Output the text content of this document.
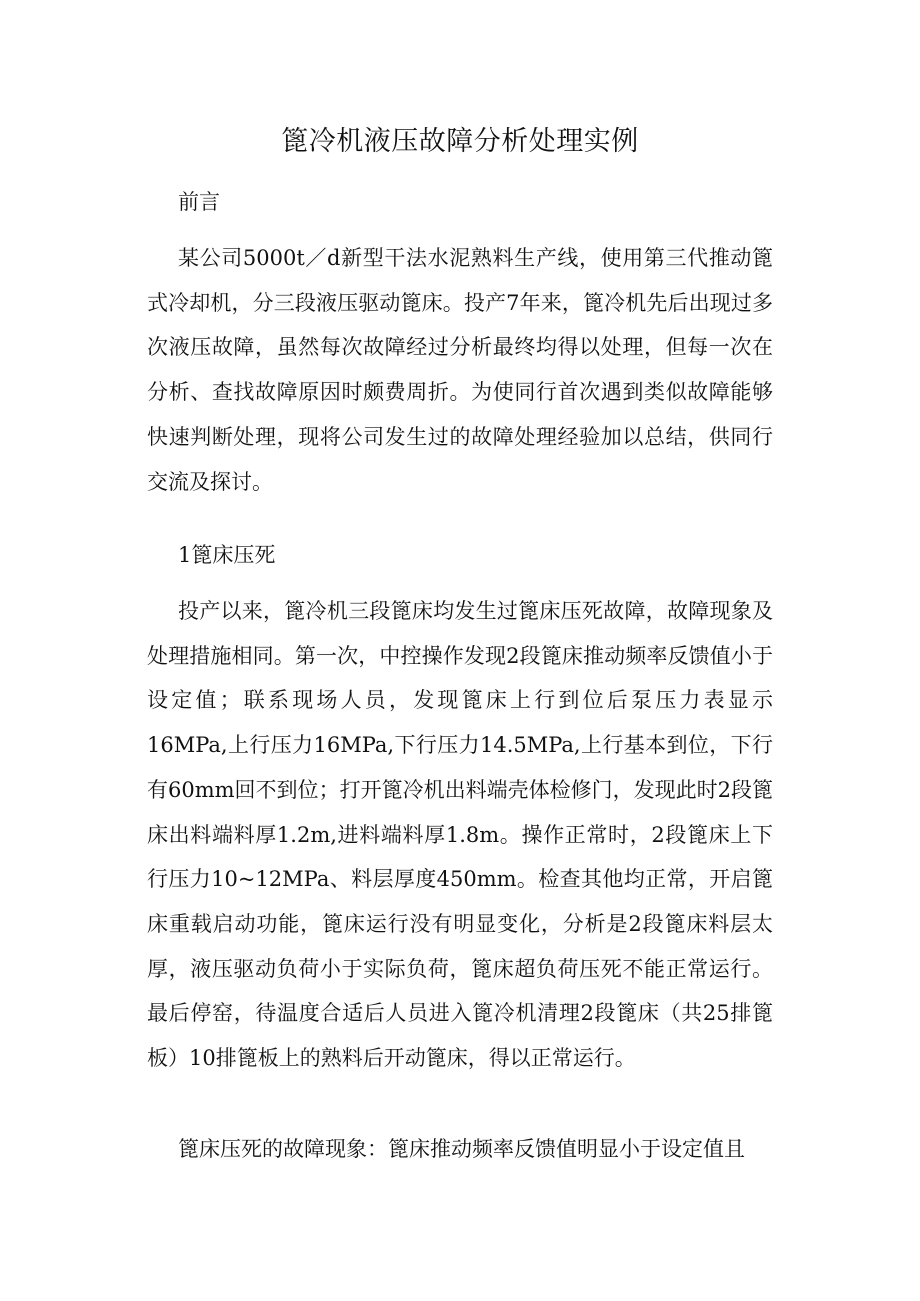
篦冷机液压故障分析处理实例

前言

某公司5000t／d新型干法水泥熟料生产线，使用第三代推动篦式冷却机，分三段液压驱动篦床。投产7年来，篦冷机先后出现过多次液压故障，虽然每次故障经过分析最终均得以处理，但每一次在分析、查找故障原因时颇费周折。为使同行首次遇到类似故障能够快速判断处理，现将公司发生过的故障处理经验加以总结，供同行交流及探讨。

1篦床压死

投产以来，篦冷机三段篦床均发生过篦床压死故障，故障现象及处理措施相同。第一次，中控操作发现2段篦床推动频率反馈值小于设定值；联系现场人员，发现篦床上行到位后泵压力表显示16MPa,上行压力16MPa,下行压力14.5MPa,上行基本到位，下行有60mm回不到位；打开篦冷机出料端壳体检修门，发现此时2段篦床出料端料厚1.2m,进料端料厚1.8m。操作正常时，2段篦床上下行压力10~12MPa、料层厚度450mm。检查其他均正常，开启篦床重载启动功能，篦床运行没有明显变化，分析是2段篦床料层太厚，液压驱动负荷小于实际负荷，篦床超负荷压死不能正常运行。最后停窑，待温度合适后人员进入篦冷机清理2段篦床（共25排篦板）10排篦板上的熟料后开动篦床，得以正常运行。

篦床压死的故障现象：篦床推动频率反馈值明显小于设定值且
